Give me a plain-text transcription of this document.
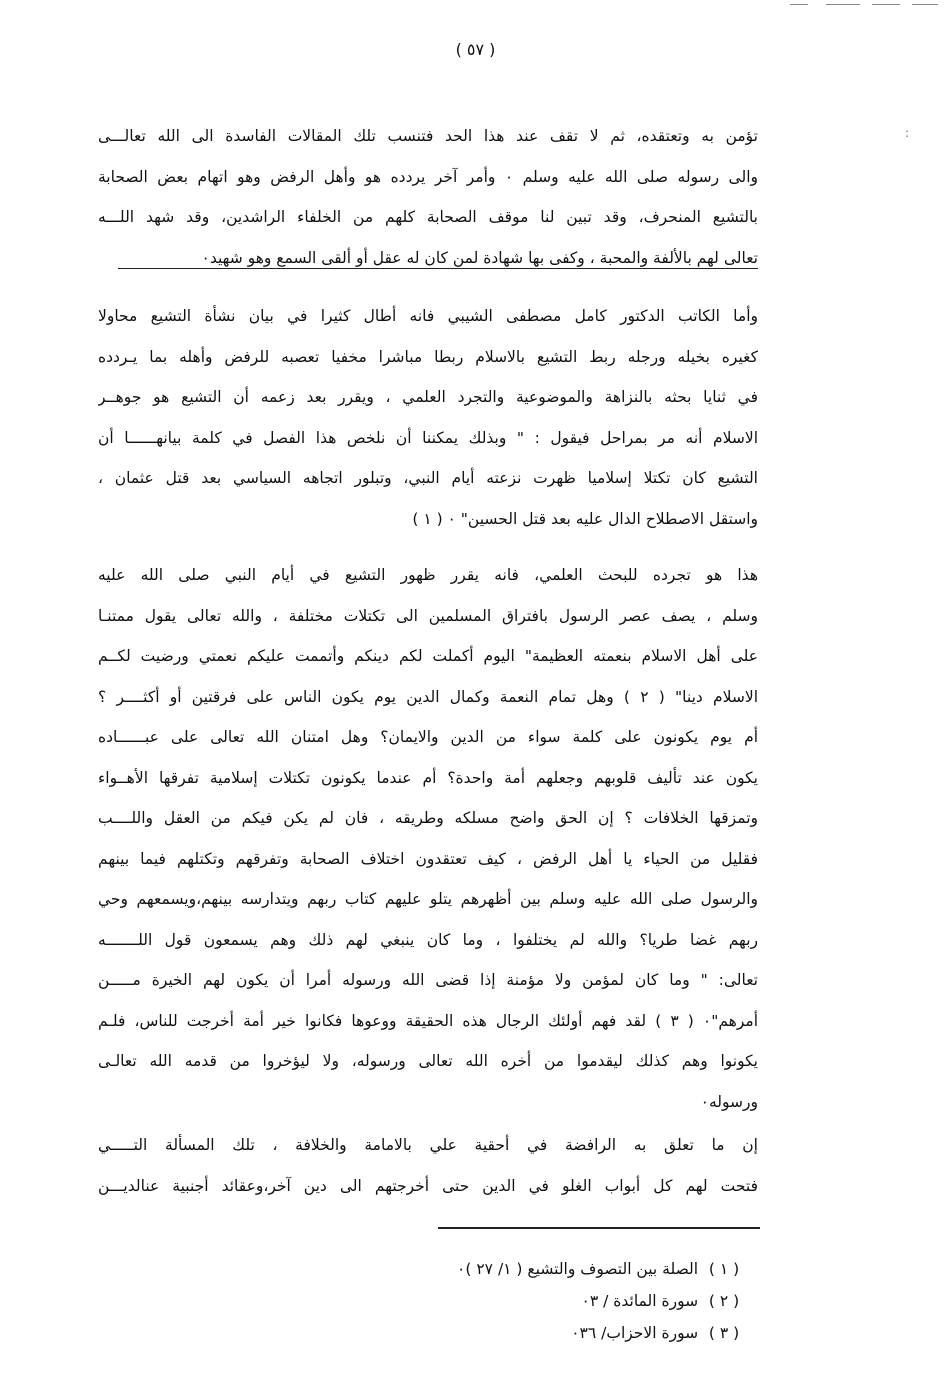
:
( ٥٧ )
تؤمن به وتعتقده، ثم لا تقف عند هذا الحد فتنسب تلك المقالات الفاسدة الى الله تعالـــى
والى رسوله صلى الله عليه وسلم ٠ وأمر آخر يردده هو وأهل الرفض وهو اتهام بعض الصحابة
بالتشيع المنحرف، وقد تبين لنا موقف الصحابة كلهم من الخلفاء الراشدين، وقد شهد اللـــه
تعالى لهم بالألفة والمحبة ، وكفى بها شهادة لمن كان له عقل أو ألقى السمع وهو شهيد٠
وأما الكاتب الدكتور كامل مصطفى الشيبي فانه أطال كثيرا في بيان نشأة التشيع محاولا
كغيره بخيله ورجله ربط التشيع بالاسلام ربطا مباشرا مخفيا تعصبه للرفض وأهله بما يـردده
في ثنايا بحثه بالنزاهة والموضوعية والتجرد العلمي ، ويقرر بعد زعمه أن التشيع هو جوهــر
الاسلام أنه مر بمراحل فيقول : " وبذلك يمكننا أن نلخص هذا الفصل في كلمة بيانهــــــا أن
التشيع كان تكتلا إسلاميا ظهرت نزعته أيام النبي، وتبلور اتجاهه السياسي بعد قتل عثمان ،
واستقل الاصطلاح الدال عليه بعد قتل الحسين" ٠ ( ١ )
هذا هو تجرده للبحث العلمي، فانه يقرر ظهور التشيع في أيام النبي صلى الله عليه
وسلم ، يصف عصر الرسول بافتراق المسلمين الى تكتلات مختلفة ، والله تعالى يقول ممتنـا
على أهل الاسلام بنعمته العظيمة" اليوم أكملت لكم دينكم وأتممت عليكم نعمتي ورضيت لكــم
الاسلام دينا" ( ٢ ) وهل تمام النعمة وكمال الدين يوم يكون الناس على فرقتين أو أكثــــر ؟
أم يوم يكونون على كلمة سواء من الدين والايمان؟ وهل امتنان الله تعالى على عبــــــاده
يكون عند تأليف قلوبهم وجعلهم أمة واحدة؟ أم عندما يكونون تكتلات إسلامية تفرقها الأهــواء
وتمزقها الخلافات ؟ إن الحق واضح مسلكه وطريقه ، فان لم يكن فيكم من العقل واللــــب
فقليل من الحياء يا أهل الرفض ، كيف تعتقدون اختلاف الصحابة وتفرقهم وتكتلهم فيما بينهم
والرسول صلى الله عليه وسلم بين أظهرهم يتلو عليهم كتاب ربهم ويتدارسه بينهم،ويسمعهم وحي
ربهم غضا طريا؟ والله لم يختلفوا ، وما كان ينبغي لهم ذلك وهم يسمعون قول اللـــــــه
تعالى: " وما كان لمؤمن ولا مؤمنة إذا قضى الله ورسوله أمرا أن يكون لهم الخيرة مـــــن
أمرهم"٠ ( ٣ ) لقد فهم أولئك الرجال هذه الحقيقة ووعوها فكانوا خير أمة أخرجت للناس، فلـم
يكونوا وهم كذلك ليقدموا من أخره الله تعالى ورسوله، ولا ليؤخروا من قدمه الله تعالـى
ورسوله٠
إن ما تعلق به الرافضة في أحقية علي بالامامة والخلافة ، تلك المسألة التـــــي
فتحت لهم كل أبواب الغلو في الدين حتى أخرجتهم الى دين آخر،وعقائد أجنبية عنالديـــن
( ١ ) الصلة بين التصوف والتشيع ( ١/ ٢٧ )٠
( ٢ ) سورة المائدة / ٠٣
( ٣ ) سورة الاحزاب/ ٠٣٦
